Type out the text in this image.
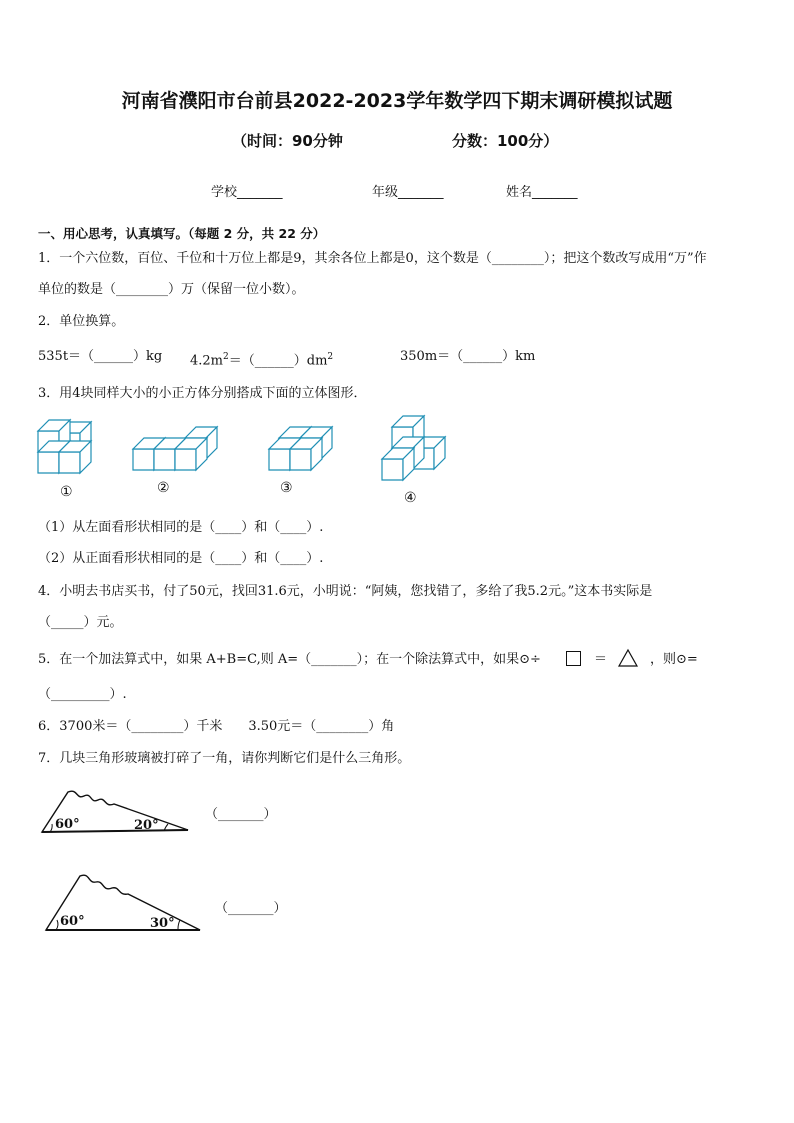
河南省濮阳市台前县2022-2023学年数学四下期末调研模拟试题
（时间：90分钟	分数：100分）
学校_______	年级_______	姓名_______
一、用心思考，认真填写。（每题 2 分，共 22 分）
1．一个六位数，百位、千位和十万位上都是9，其余各位上都是0，这个数是（________）；把这个数改写成用“万”作
单位的数是（________）万（保留一位小数）。
2．单位换算。
535t＝（______）kg $4.2m^2=(\_\_\_\_\_\_)dm^2$	350m＝（______）km
3．用4块同样大小的小正方体分别搭成下面的立体图形．
①	②	③
④
（1）从左面看形状相同的是（____）和（____）.
（2）从正面看形状相同的是（____）和（____）.
4．小明去书店买书，付了50元，找回31.6元，小明说：“阿姨，您找错了，多给了我5.2元。”这本书实际是
（_____）元。
5．在一个加法算式中，如果 A+B=C,则 A=（_______）；在一个除法算式中，如果⊙÷	＝	，则⊙=
（_________）.
6．3700米＝（________）千米　　3.50元＝（________）角
7．几块三角形玻璃被打碎了一角，请你判断它们是什么三角形。
60°	20°
（_______）
60°	30°
（_______）
